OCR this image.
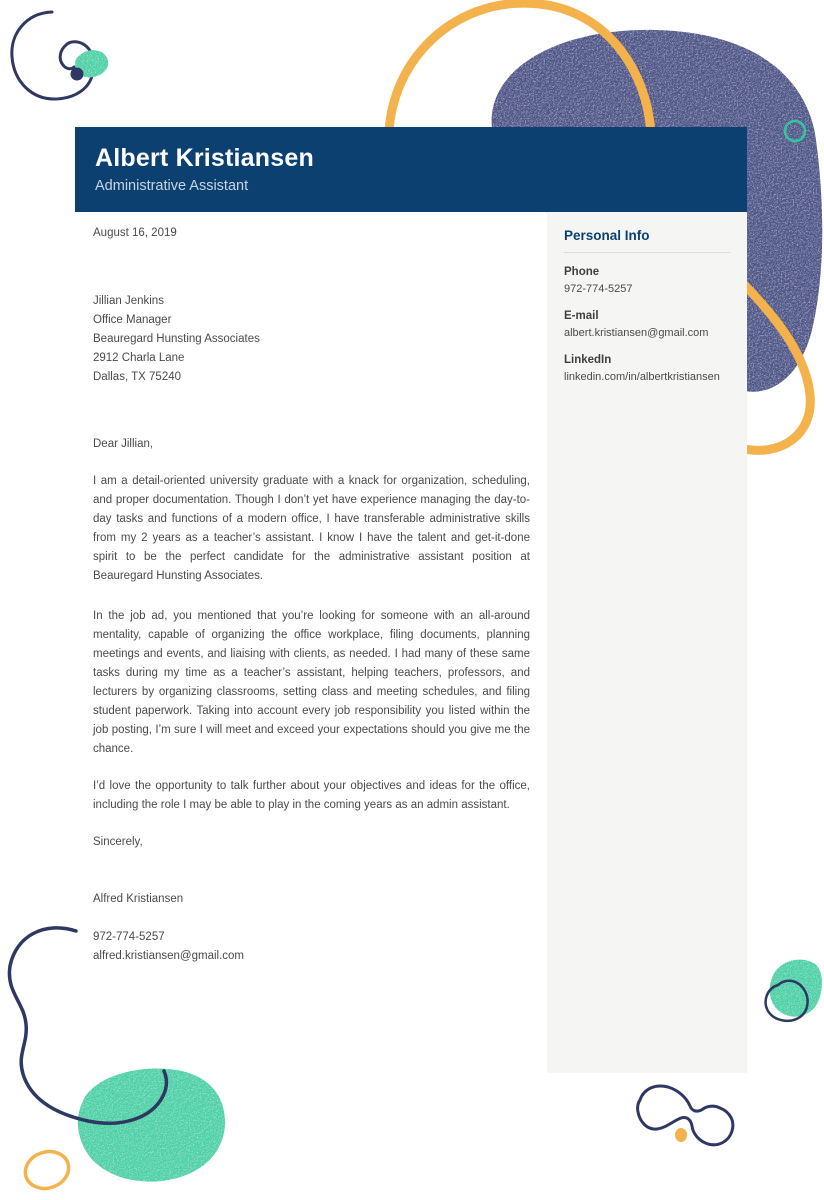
Albert Kristiansen
Administrative Assistant
August 16, 2019
Jillian Jenkins
Office Manager
Beauregard Hunsting Associates
2912 Charla Lane
Dallas, TX 75240
Dear Jillian,

I am a detail-oriented university graduate with a knack for organization, scheduling, and proper documentation. Though I don’t yet have experience managing the day-to-day tasks and functions of a modern office, I have transferable administrative skills from my 2 years as a teacher’s assistant. I know I have the talent and get-it-done spirit to be the perfect candidate for the administrative assistant position at Beauregard Hunsting Associates.

In the job ad, you mentioned that you’re looking for someone with an all-around mentality, capable of organizing the office workplace, filing documents, planning meetings and events, and liaising with clients, as needed. I had many of these same tasks during my time as a teacher’s assistant, helping teachers, professors, and lecturers by organizing classrooms, setting class and meeting schedules, and filing student paperwork. Taking into account every job responsibility you listed within the job posting, I’m sure I will meet and exceed your expectations should you give me the chance.

I’d love the opportunity to talk further about your objectives and ideas for the office, including the role I may be able to play in the coming years as an admin assistant.

Sincerely,
Alfred Kristiansen
972-774-5257
alfred.kristiansen@gmail.com
Personal Info
Phone
972-774-5257
E-mail
albert.kristiansen@gmail.com
LinkedIn
linkedin.com/in/albertkristiansen
